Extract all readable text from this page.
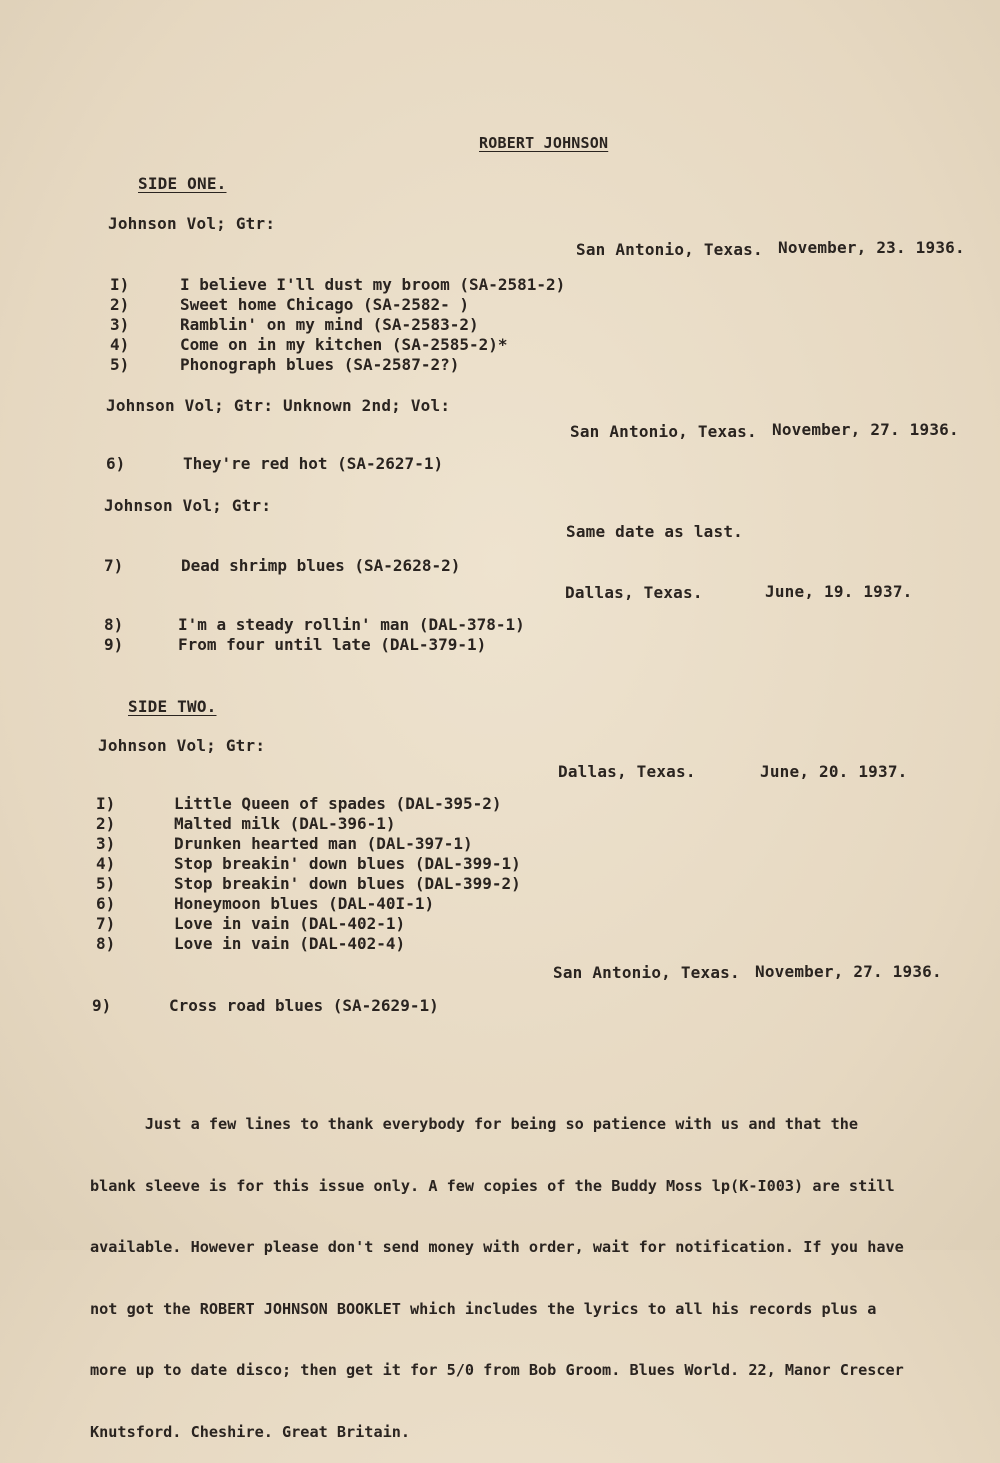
ROBERT JOHNSON
SIDE ONE.
Johnson Vol; Gtr:
San Antonio, Texas. November, 23. 1936.
I)	I believe I'll dust my broom (SA-2581-2)
2)	Sweet home Chicago (SA-2582- )
3)	Ramblin' on my mind (SA-2583-2)
4)	Come on in my kitchen (SA-2585-2)*
5)	Phonograph blues (SA-2587-2?)
Johnson Vol; Gtr: Unknown 2nd; Vol:
San Antonio, Texas. November, 27. 1936.
6)	They're red hot (SA-2627-1)
Johnson Vol; Gtr:
Same date as last.
7)	Dead shrimp blues (SA-2628-2)
Dallas, Texas.	June, 19. 1937.
8)	I'm a steady rollin' man (DAL-378-1)
9)	From four until late (DAL-379-1)
SIDE TWO.
Johnson Vol; Gtr:
Dallas, Texas.	June, 20. 1937.
I)	Little Queen of spades (DAL-395-2)
2)	Malted milk (DAL-396-1)
3)	Drunken hearted man (DAL-397-1)
4)	Stop breakin' down blues (DAL-399-1)
5)	Stop breakin' down blues (DAL-399-2)
6)	Honeymoon blues (DAL-40I-1)
7)	Love in vain (DAL-402-1)
8)	Love in vain (DAL-402-4)
San Antonio, Texas. November, 27. 1936.
9)	Cross road blues (SA-2629-1)

Just a few lines to thank everybody for being so patience with us and that the

blank sleeve is for this issue only. A few copies of the Buddy Moss lp(K-I003) are still

available. However please don't send money with order, wait for notification. If you have

not got the ROBERT JOHNSON BOOKLET which includes the lyrics to all his records plus a

more up to date disco; then get it for 5/0 from Bob Groom. Blues World. 22, Manor Crescer

Knutsford. Cheshire. Great Britain.
